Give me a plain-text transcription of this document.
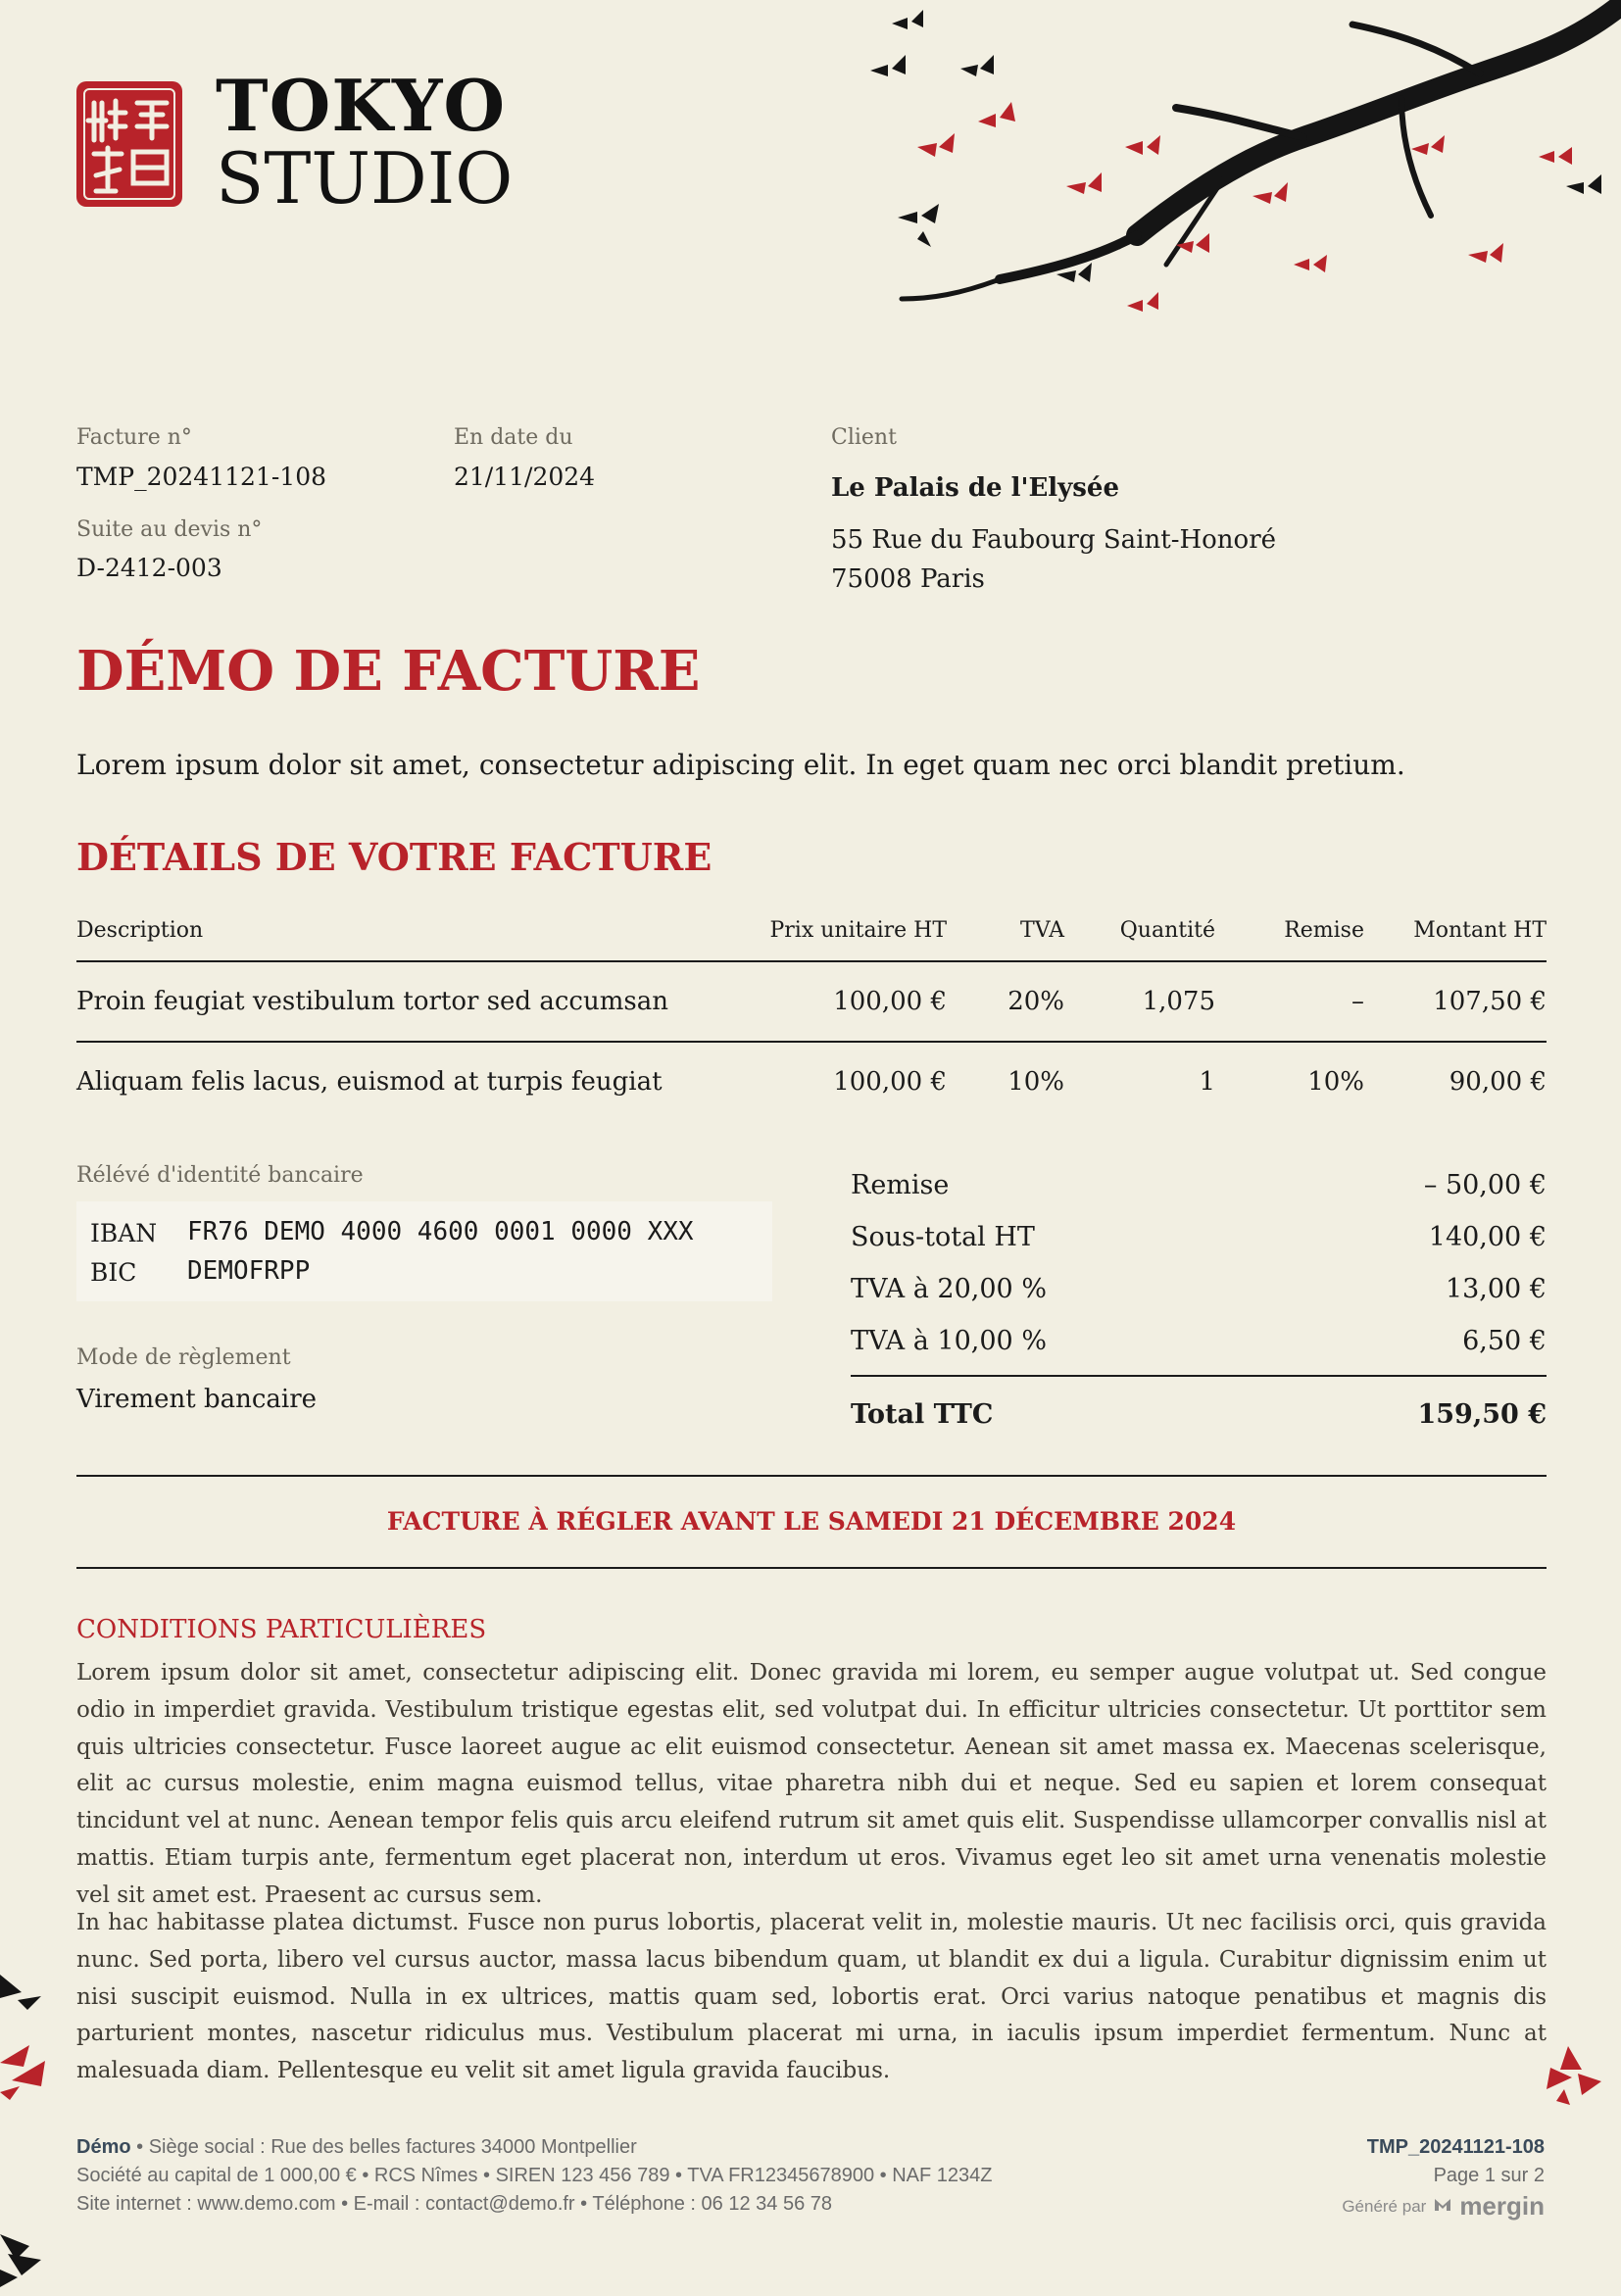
TOKYO
STUDIO
Facture n°
TMP_20241121-108
Suite au devis n°
D-2412-003
En date du
21/11/2024
Client
Le Palais de l'Elysée
55 Rue du Faubourg Saint-Honoré
75008 Paris
DÉMO DE FACTURE
Lorem ipsum dolor sit amet, consectetur adipiscing elit. In eget quam nec orci blandit pretium.
DÉTAILS DE VOTRE FACTURE
Description	Prix unitaire HT	TVA	Quantité	Remise Montant HT
Proin feugiat vestibulum tortor sed accumsan	100,00 € 20%	1,075	–	107,50 €
Aliquam felis lacus, euismod at turpis feugiat	100,00 € 10%	1	10%	90,00 €
Rélévé d'identité bancaire
IBAN FR76 DEMO 4000 4600 0001 0000 XXX
BIC DEMOFRPP
Mode de règlement
Virement bancaire
Remise	– 50,00 €
Sous-total HT	140,00 €
TVA à 20,00 %	13,00 €
TVA à 10,00 %	6,50 €
Total TTC	159,50 €
FACTURE À RÉGLER AVANT LE SAMEDI 21 DÉCEMBRE 2024
CONDITIONS PARTICULIÈRES
Lorem ipsum dolor sit amet, consectetur adipiscing elit. Donec gravida mi lorem, eu semper augue volutpat ut. Sed congue odio in imperdiet gravida. Vestibulum tristique egestas elit, sed volutpat dui. In efficitur ultricies consectetur. Ut porttitor sem quis ultricies consectetur. Fusce laoreet augue ac elit euismod consectetur. Aenean sit amet massa ex. Maecenas scelerisque, elit ac cursus molestie, enim magna euismod tellus, vitae pharetra nibh dui et neque. Sed eu sapien et lorem consequat tincidunt vel at nunc. Aenean tempor felis quis arcu eleifend rutrum sit amet quis elit. Suspendisse ullamcorper convallis nisl at mattis. Etiam turpis ante, fermentum eget placerat non, interdum ut eros. Vivamus eget leo sit amet urna venenatis molestie vel sit amet est. Praesent ac cursus sem.
In hac habitasse platea dictumst. Fusce non purus lobortis, placerat velit in, molestie mauris. Ut nec facilisis orci, quis gravida nunc. Sed porta, libero vel cursus auctor, massa lacus bibendum quam, ut blandit ex dui a ligula. Curabitur dignissim enim ut nisi suscipit euismod. Nulla in ex ultrices, mattis quam sed, lobortis erat. Orci varius natoque penatibus et magnis dis parturient montes, nascetur ridiculus mus. Vestibulum placerat mi urna, in iaculis ipsum imperdiet fermentum. Nunc at malesuada diam. Pellentesque eu velit sit amet ligula gravida faucibus.
Démo • Siège social : Rue des belles factures 34000 Montpellier
Société au capital de 1 000,00 € • RCS Nîmes • SIREN 123 456 789 • TVA FR12345678900 • NAF 1234Z
Site internet : www.demo.com • E-mail : contact@demo.fr • Téléphone : 06 12 34 56 78
TMP_20241121-108
Page 1 sur 2
Généré par mergin
